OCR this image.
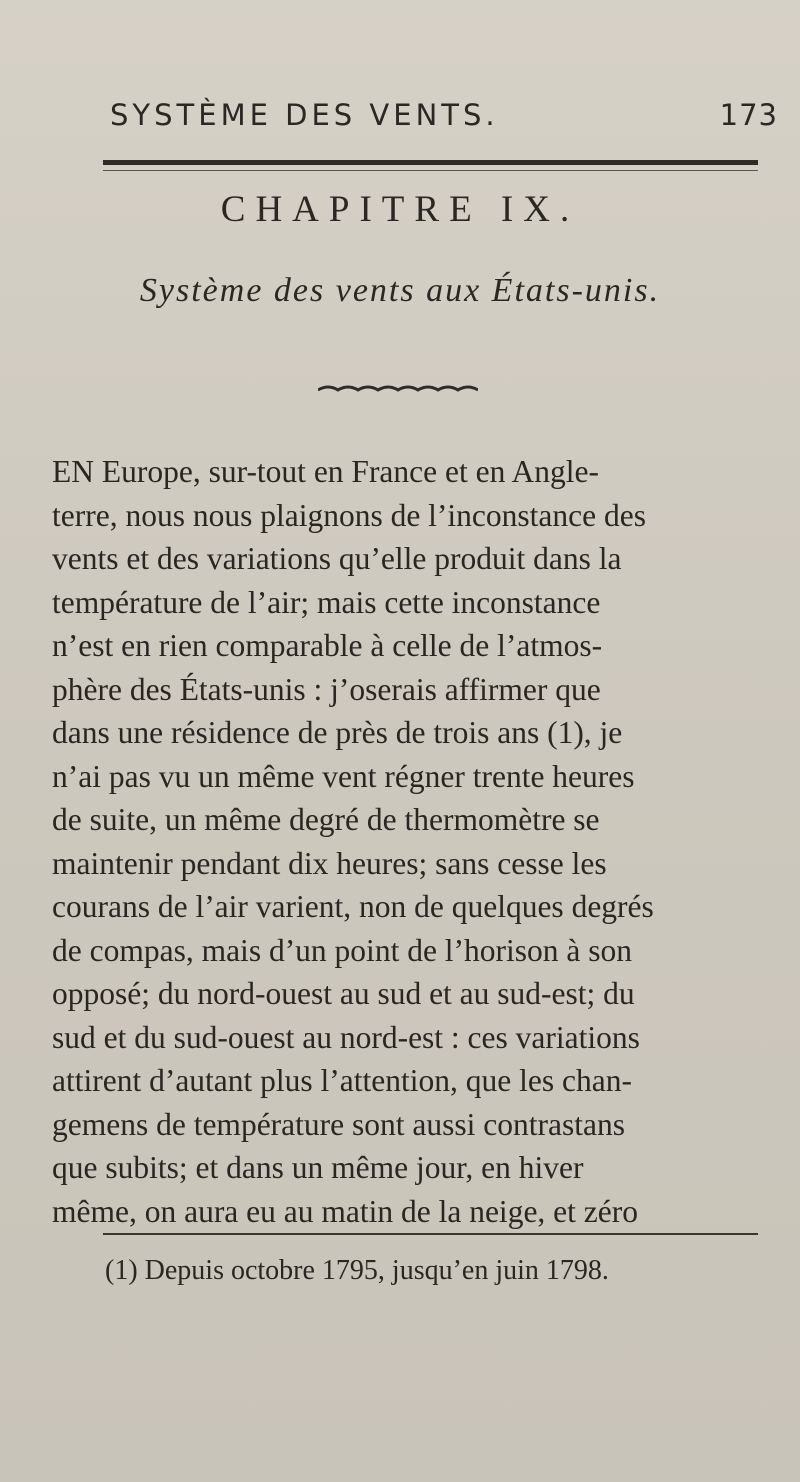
SYSTÈME DES VENTS.	173
CHAPITRE IX.
Système des vents aux États-unis.
EN Europe, sur-tout en France et en Angle-
terre, nous nous plaignons de l’inconstance des
vents et des variations qu’elle produit dans la
température de l’air; mais cette inconstance
n’est en rien comparable à celle de l’atmos-
phère des États-unis : j’oserais affirmer que
dans une résidence de près de trois ans (1), je
n’ai pas vu un même vent régner trente heures
de suite, un même degré de thermomètre se
maintenir pendant dix heures; sans cesse les
courans de l’air varient, non de quelques degrés
de compas, mais d’un point de l’horison à son
opposé; du nord-ouest au sud et au sud-est; du
sud et du sud-ouest au nord-est : ces variations
attirent d’autant plus l’attention, que les chan-
gemens de température sont aussi contrastans
que subits; et dans un même jour, en hiver
même, on aura eu au matin de la neige, et zéro
(1) Depuis octobre 1795, jusqu’en juin 1798.
